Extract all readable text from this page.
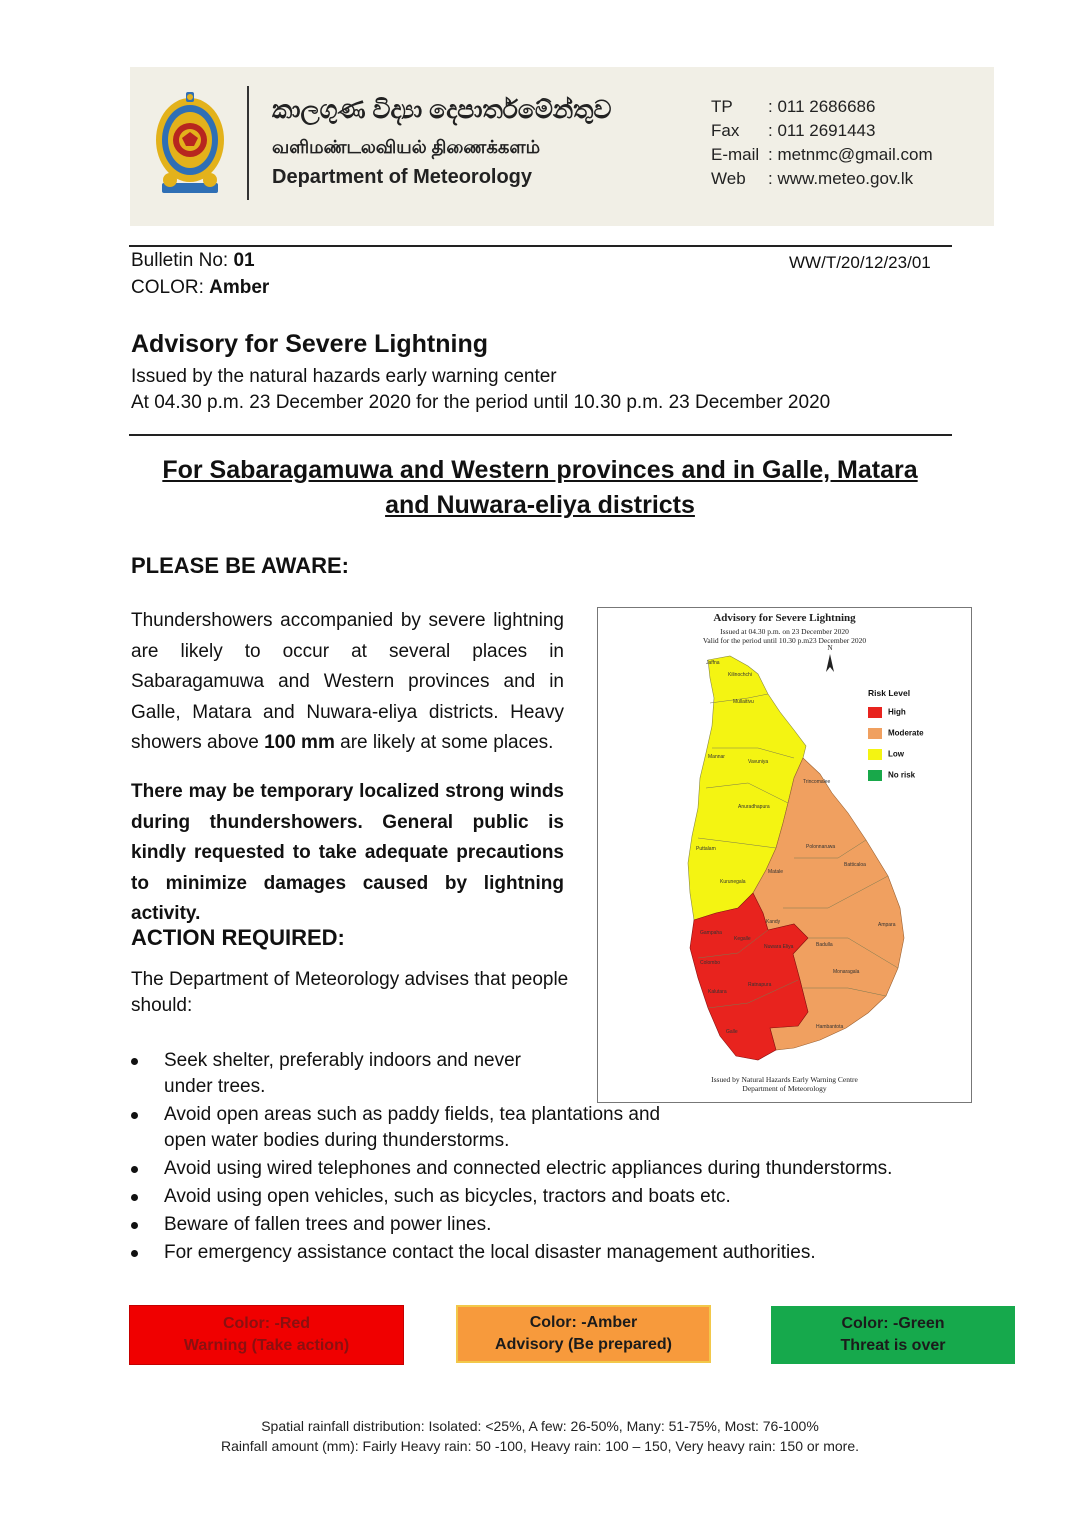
කාලගුණ විද්‍යා දෙපාර්තමේන්තුව
வளிமண்டலவியல் திணைக்களம்
Department of Meteorology
TP : 011 2686686
Fax : 011 2691443
E-mail : metnmc@gmail.com
Web : www.meteo.gov.lk
Bulletin No: 01
COLOR: Amber
WW/T/20/12/23/01
Advisory for Severe Lightning
Issued by the natural hazards early warning center
At 04.30 p.m. 23 December 2020 for the period until 10.30 p.m. 23 December 2020
For Sabaragamuwa and Western provinces and in Galle, Matara and Nuwara-eliya districts
PLEASE BE AWARE:
Thundershowers accompanied by severe lightning are likely to occur at several places in Sabaragamuwa and Western provinces and in Galle, Matara and Nuwara-eliya districts. Heavy showers above 100 mm are likely at some places.
There may be temporary localized strong winds during thundershowers. General public is kindly requested to take adequate precautions to minimize damages caused by lightning activity.
ACTION REQUIRED:
The Department of Meteorology advises that people should:
Seek shelter, preferably indoors and never under trees.
Avoid open areas such as paddy fields, tea plantations and open water bodies during thunderstorms.
Avoid using wired telephones and connected electric appliances during thunderstorms.
Avoid using open vehicles, such as bicycles, tractors and boats etc.
Beware of fallen trees and power lines.
For emergency assistance contact the local disaster management authorities.
Advisory for Severe Lightning
Issued at 04.30 p.m. on 23 December 2020
Valid for the period until 10.30 p.m23 December 2020
Jaffna
Kilinochchi
Mullaitivu
Mannar
Vavuniya
Trincomalee
Anuradhapura
Puttalam	Polonnaruwa
Batticaloa
Kurunegala
Matale
Kandy	Ampara
Badulla
Monaragala
Hambantota
Galle
Kegalle
Nuwara Eliya
Ratnapura
Kalutara
Colombo
Gampaha
N
Risk Level
High
Moderate
Low
No risk
Issued by Natural Hazards Early Warning Centre
Department of Meteorology
Color: -Red
Warning (Take action)
Color: -Amber
Advisory (Be prepared)
Color: -Green
Threat is over
Spatial rainfall distribution: Isolated: <25%, A few: 26-50%, Many: 51-75%, Most: 76-100%
Rainfall amount (mm): Fairly Heavy rain: 50 -100, Heavy rain: 100 – 150, Very heavy rain: 150 or more.
